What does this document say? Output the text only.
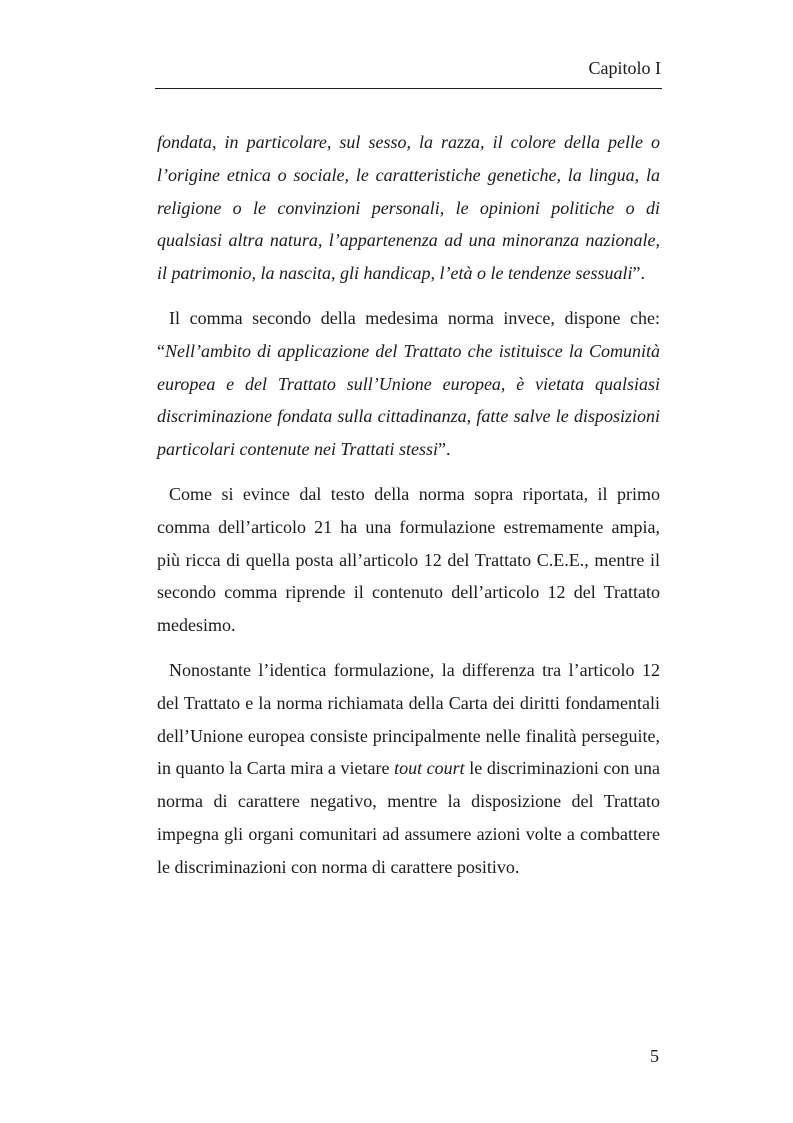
Capitolo I

fondata, in particolare, sul sesso, la razza, il colore della pelle o l’origine etnica o sociale, le caratteristiche genetiche, la lingua, la religione o le convinzioni personali, le opinioni politiche o di qualsiasi altra natura, l’appartenenza ad una minoranza nazionale, il patrimonio, la nascita, gli handicap, l’età o le tendenze sessuali”.

Il comma secondo della medesima norma invece, dispone che: “Nell’ambito di applicazione del Trattato che istituisce la Comunità europea e del Trattato sull’Unione europea, è vietata qualsiasi discriminazione fondata sulla cittadinanza, fatte salve le disposizioni particolari contenute nei Trattati stessi”.

Come si evince dal testo della norma sopra riportata, il primo comma dell’articolo 21 ha una formulazione estremamente ampia, più ricca di quella posta all’articolo 12 del Trattato C.E.E., mentre il secondo comma riprende il contenuto dell’articolo 12 del Trattato medesimo.

Nonostante l’identica formulazione, la differenza tra l’articolo 12 del Trattato e la norma richiamata della Carta dei diritti fondamentali dell’Unione europea consiste principalmente nelle finalità perseguite, in quanto la Carta mira a vietare tout court le discriminazioni con una norma di carattere negativo, mentre la disposizione del Trattato impegna gli organi comunitari ad assumere azioni volte a combattere le discriminazioni con norma di carattere positivo.

5
